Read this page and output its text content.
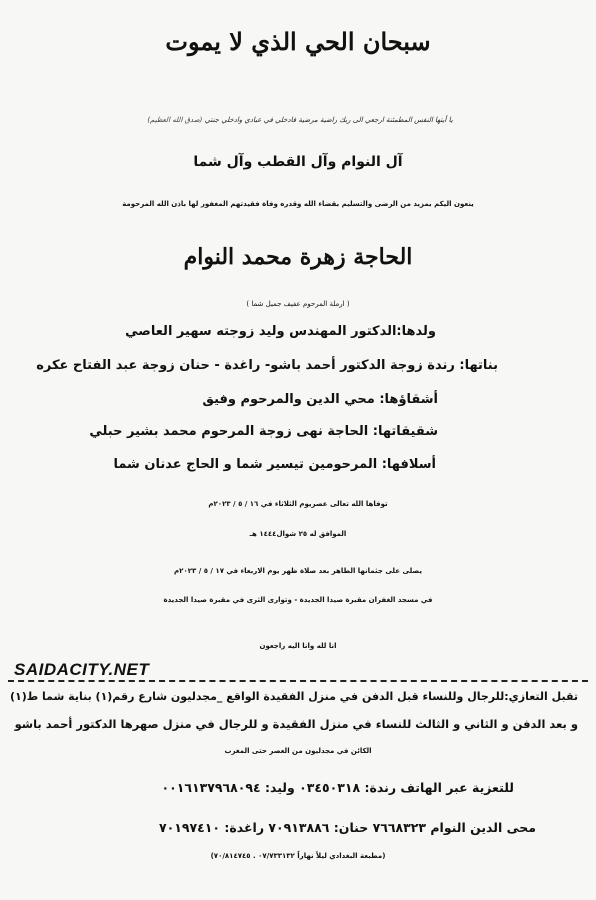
سبحان الحي الذي لا يموت
يا أيتها النفس المطمئنة ارجعي الى ربك راضية مرضية فادخلي في عبادي وادخلي جنتي (صدق الله العظيم)
آل النوام وآل القطب وآل شما
ينعون اليكم بمزيد من الرضى والتسليم بقضاء الله وقدره وفاة فقيدتهم المغفور لها باذن الله المرحومة
الحاجة زهرة محمد النوام
( ارملة المرحوم عفيف جميل شما )
ولدها:الدكتور المهندس وليد زوجته سهير العاصي
بناتها: رندة زوجة الدكتور أحمد باشو- راغدة - حنان زوجة عبد الفتاح عكره
أشقاؤها: محي الدين والمرحوم وفيق
شقيقاتها: الحاجة نهى زوجة المرحوم محمد بشير حبلي
أسلافها: المرحومين تيسير شما و الحاج عدنان شما
توفاها الله تعالى عصريوم الثلاثاء في ١٦ / ٥ / ٢٠٢٣م
الموافق له ٢٥ شوال١٤٤٤ هـ
يصلى على جثمانها الطاهر بعد صلاة ظهر يوم الاربعاء في ١٧ / ٥ / ٢٠٢٣م
في مسجد الغفران مقبرة صيدا الجديدة - وتوارى الثرى في مقبرة صيدا الجديدة
انا لله وانا اليه راجعون
SAIDACITY.NET
تقبل التعازي:للرجال وللنساء قبل الدفن في منزل الفقيدة الواقع _مجدليون شارع رقم(١) بناية شما ط(١)
و بعد الدفن و الثاني و الثالث للنساء في منزل الفقيدة و للرجال في منزل صهرها الدكتور أحمد باشو
الكائن في مجدليون من العصر حتى المغرب
للتعزية عبر الهاتف رندة: ٠٣٤٥٠٣١٨ وليد: ٠٠١٦١٣٧٩٦٨٠٩٤
محى الدين النوام ٧٦٦٨٣٢٣ حنان: ٧٠٩١٣٨٨٦ راغدة: ٧٠١٩٧٤١٠
(مطبعة البغدادي ليلاً نهاراً ٠٧/٧٣٣١٣٢ . ٧٠/٨١٤٧٤٥)
